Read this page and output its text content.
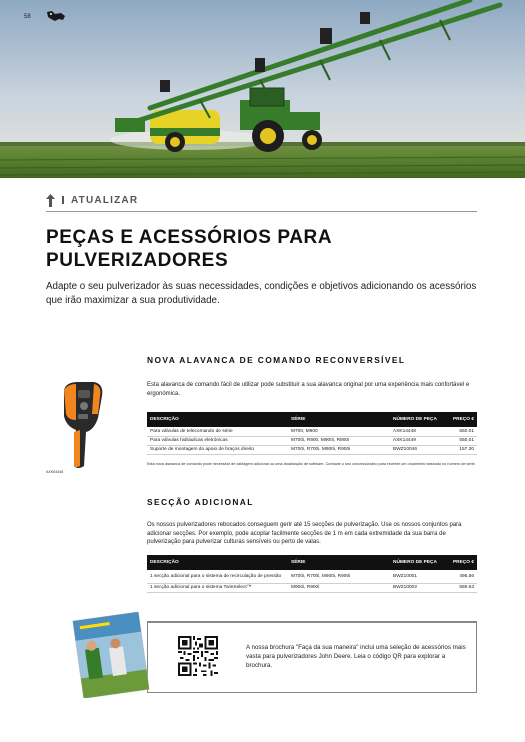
58
ATUALIZAR
PEÇAS E ACESSÓRIOS PARA
PULVERIZADORES
Adapte o seu pulverizador às suas necessidades, condições e objetivos adicionando os acessórios que irão maximizar a sua produtividade.
AXK64448
NOVA ALAVANCA DE COMANDO RECONVERSÍVEL
Esta alavanca de comando fácil de utilizar pode substituir a sua alavanca original por uma experiência mais confortável e ergonómica.
DESCRIÇÃO	SÉRIE	NÚMERO DE PEÇA	PREÇO €
Para válvulas de telecomando de série	M700, M900	AXK14448	550.01
Para válvulas hidráulicas eletrónicas	M700i, R900, M900i, R900i	AXK14449	550.01
Suporte de montagem do apoio de braços direito	M700i, R700i, M900i, R900i	BWZ10046	157.30
Esta nova alavanca de comando pode necessitar de cablagem adicional ou uma atualização de software. Contacte o seu concessionário para receber um orçamento baseado no número de série.
SECÇÃO ADICIONAL
Os nossos pulverizadores rebocados conseguem gerir até 15 secções de pulverização. Use os nossos conjuntos para adicionar secções. Por exemplo, pode acoplar facilmente secções de 1 m em cada extremidade da sua barra de pulverização para pulverizar culturas sensíveis ou perto de valas.
DESCRIÇÃO	SÉRIE	NÚMERO DE PEÇA	PREÇO €
1 secção adicional para o sistema de recirculação de pressão	M700i, R700i, M900i, R900i	BWZ10001	495.56
1 secção adicional para o sistema TwinSelect™	M900i, R900i	BWZ10002	586.63
A nossa brochura "Faça da sua maneira" inclui uma seleção de acessórios mais vasta para pulverizadores John Deere. Leia o código QR para explorar a brochura.
